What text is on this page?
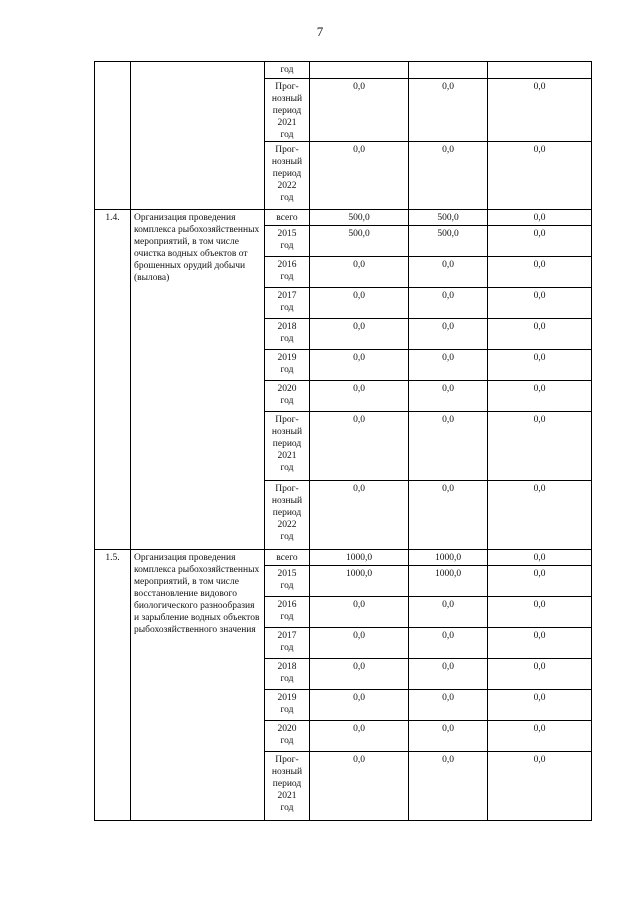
7
		год			
		Прог-
нозный
период
2021
год	0,0	0,0	0,0
		Прог-
нозный
период
2022
год	0,0	0,0	0,0
1.4.	Организация проведения комплекса рыбохозяйственных мероприятий, в том числе очистка водных объектов от брошенных орудий добычи (вылова)	всего	500,0	500,0	0,0
		2015
год	500,0	500,0	0,0
		2016
год	0,0	0,0	0,0
		2017
год	0,0	0,0	0,0
		2018
год	0,0	0,0	0,0
		2019
год	0,0	0,0	0,0
		2020
год	0,0	0,0	0,0
		Прог-
нозный
период
2021
год	0,0	0,0	0,0
		Прог-
нозный
период
2022
год	0,0	0,0	0,0
1.5.	Организация проведения комплекса рыбохозяйственных мероприятий, в том числе восстановление видового биологического разнообразия и зарыбление водных объектов рыбохозяйственного значения	всего	1000,0	1000,0	0,0
		2015
год	1000,0	1000,0	0,0
		2016
год	0,0	0,0	0,0
		2017
год	0,0	0,0	0,0
		2018
год	0,0	0,0	0,0
		2019
год	0,0	0,0	0,0
		2020
год	0,0	0,0	0,0
		Прог-
нозный
период
2021
год	0,0	0,0	0,0
